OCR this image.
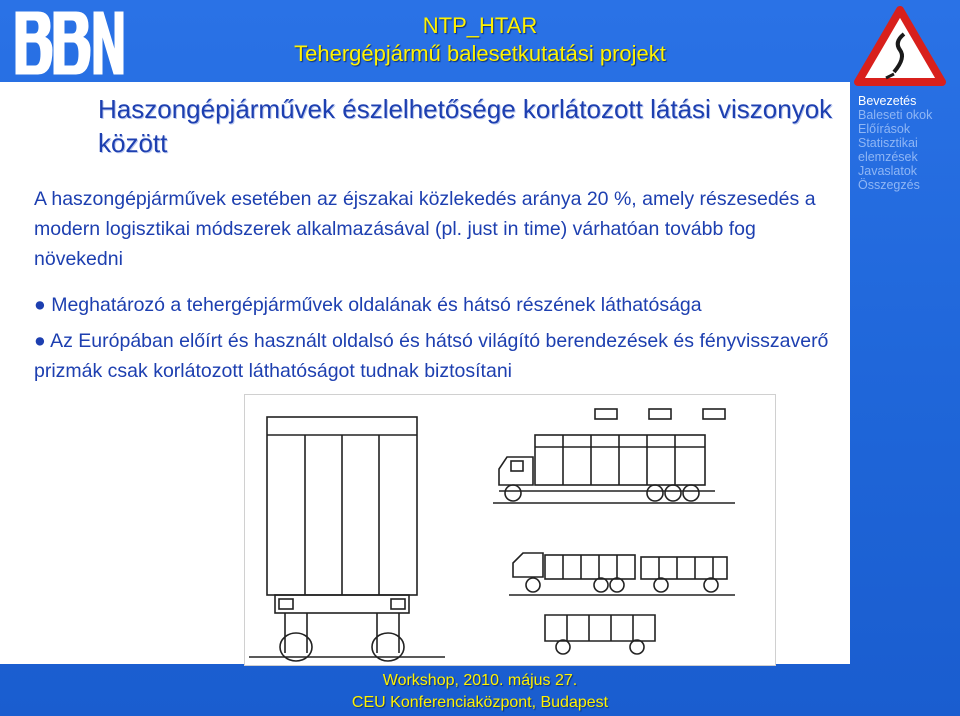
NTP_HTAR
Tehergépjármű balesetkutatási projekt
Haszongépjárművek észlelhetősége korlátozott látási viszonyok között
A haszongépjárművek esetében az éjszakai közlekedés aránya 20 %, amely részesedés a modern logisztikai módszerek alkalmazásával (pl. just in time) várhatóan tovább fog növekedni
● Meghatározó a tehergépjárművek oldalának és hátsó részének láthatósága
● Az Európában előírt és használt oldalsó és hátsó világító berendezések és fényvisszaverő prizmák csak korlátozott láthatóságot tudnak biztosítani
Bevezetés
Baleseti okok
Előírások
Statisztikai
elemzések
Javaslatok
Összegzés
Workshop, 2010. május 27.
CEU Konferenciaközpont, Budapest
